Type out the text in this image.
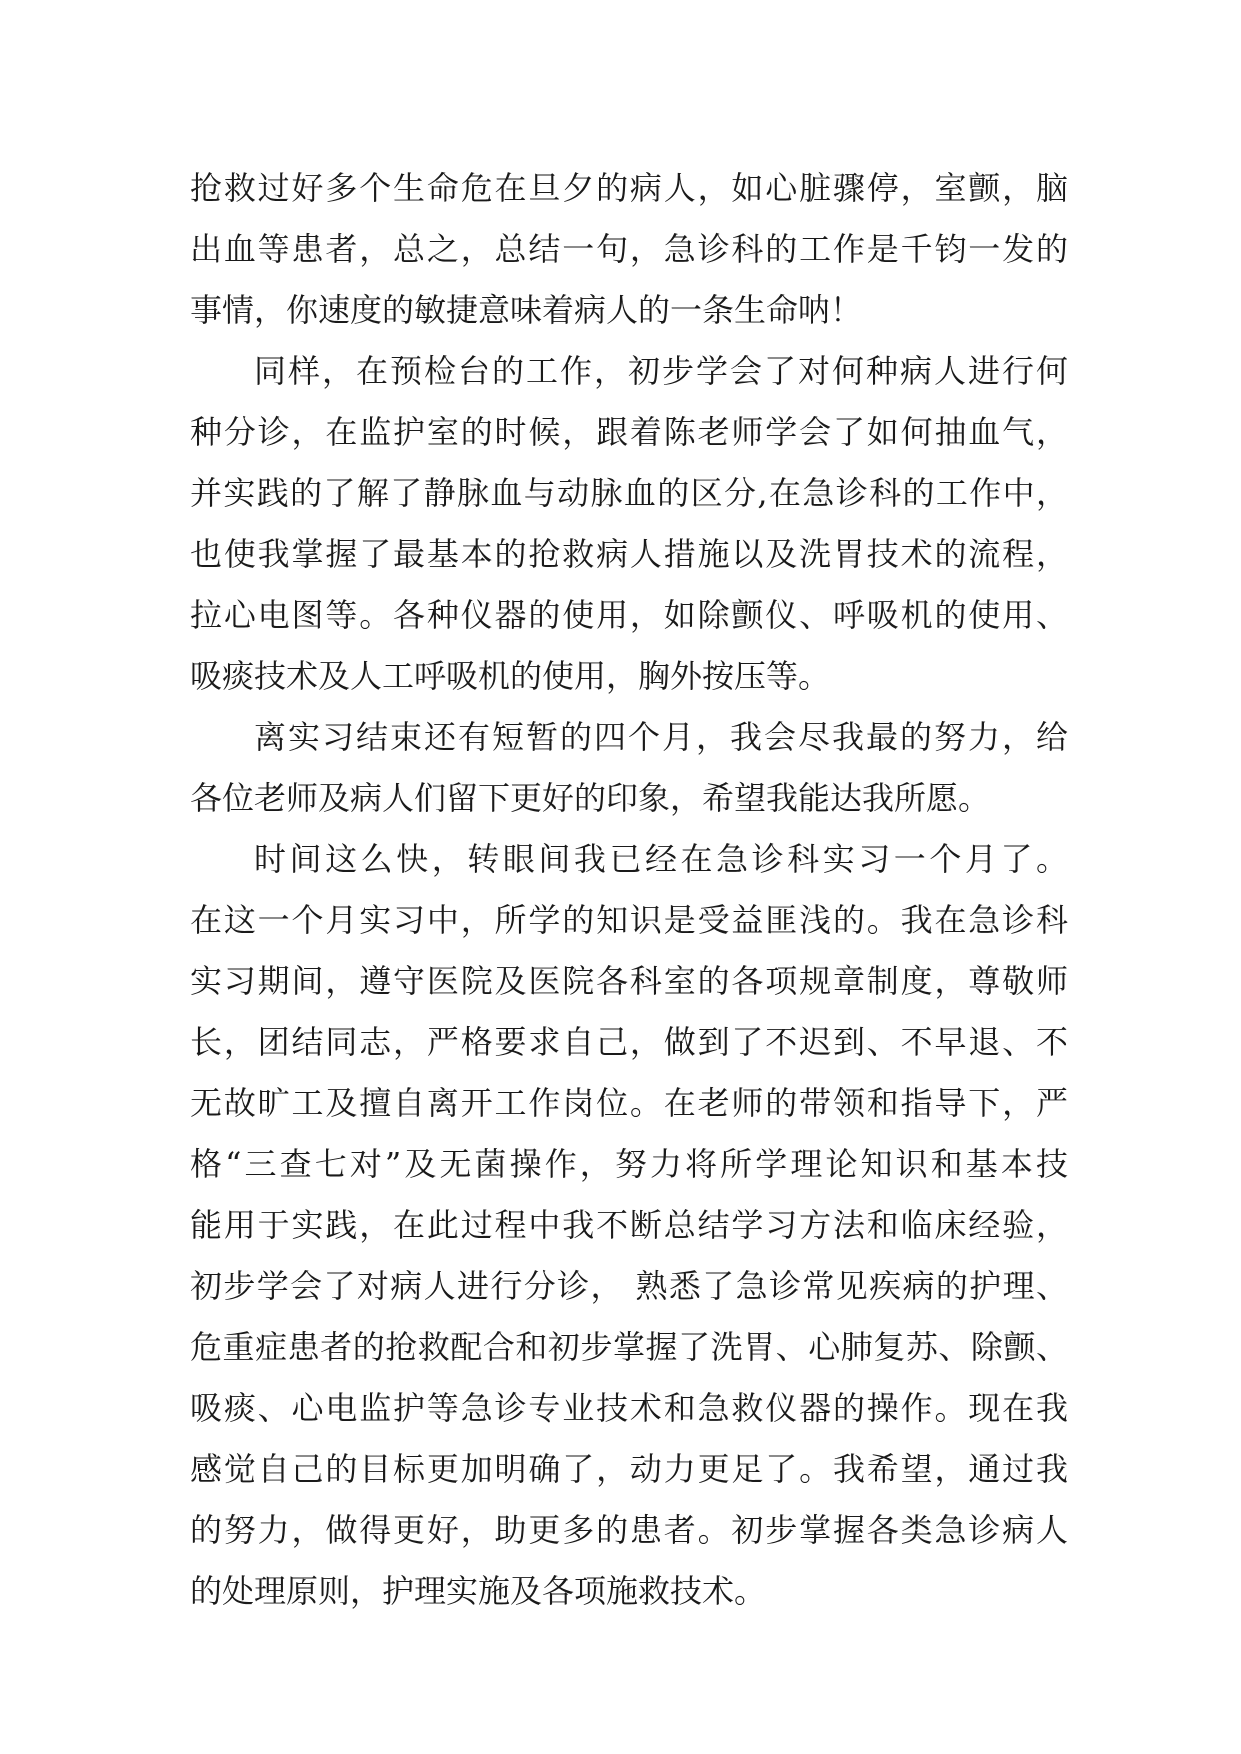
抢救过好多个生命危在旦夕的病人，如心脏骤停，室颤，脑
出血等患者，总之，总结一句，急诊科的工作是千钧一发的
事情，你速度的敏捷意味着病人的一条生命呐！
同样，在预检台的工作，初步学会了对何种病人进行何
种分诊，在监护室的时候，跟着陈老师学会了如何抽血气，
并实践的了解了静脉血与动脉血的区分,在急诊科的工作中，
也使我掌握了最基本的抢救病人措施以及洗胃技术的流程，
拉心电图等。各种仪器的使用，如除颤仪、呼吸机的使用、
吸痰技术及人工呼吸机的使用，胸外按压等。
离实习结束还有短暂的四个月，我会尽我最的努力，给
各位老师及病人们留下更好的印象，希望我能达我所愿。
时间这么快，转眼间我已经在急诊科实习一个月了。
在这一个月实习中，所学的知识是受益匪浅的。我在急诊科
实习期间，遵守医院及医院各科室的各项规章制度，尊敬师
长，团结同志，严格要求自己，做到了不迟到、不早退、不
无故旷工及擅自离开工作岗位。在老师的带领和指导下，严
格“三查七对”及无菌操作，努力将所学理论知识和基本技
能用于实践，在此过程中我不断总结学习方法和临床经验，
初步学会了对病人进行分诊， 熟悉了急诊常见疾病的护理、
危重症患者的抢救配合和初步掌握了洗胃、心肺复苏、除颤、
吸痰、心电监护等急诊专业技术和急救仪器的操作。现在我
感觉自己的目标更加明确了，动力更足了。我希望，通过我
的努力，做得更好，助更多的患者。初步掌握各类急诊病人
的处理原则，护理实施及各项施救技术。
